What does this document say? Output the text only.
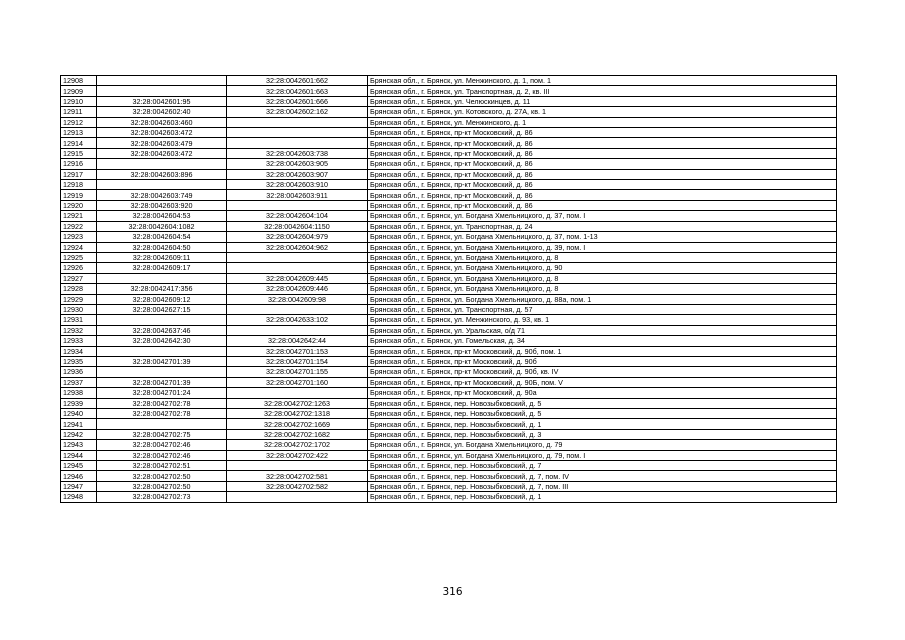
12908		32:28:0042601:662	Брянская обл., г. Брянск, ул. Менжинского, д. 1, пом. 1
12909		32:28:0042601:663	Брянская обл., г. Брянск, ул. Транспортная, д. 2, кв. III
12910	32:28:0042601:95	32:28:0042601:666	Брянская обл., г. Брянск, ул. Челюскинцев, д. 11
12911	32:28:0042602:40	32:28:0042602:162	Брянская обл., г. Брянск, ул. Котовского, д. 27А, кв. 1
12912	32:28:0042603:460		Брянская обл., г. Брянск, ул. Менжинского, д. 1
12913	32:28:0042603:472		Брянская обл., г. Брянск, пр-кт Московский, д. 86
12914	32:28:0042603:479		Брянская обл., г. Брянск, пр-кт Московский, д. 86
12915	32:28:0042603:472	32:28:0042603:738	Брянская обл., г. Брянск, пр-кт Московский, д. 86
12916		32:28:0042603:905	Брянская обл., г. Брянск, пр-кт Московский, д. 86
12917	32:28:0042603:896	32:28:0042603:907	Брянская обл., г. Брянск, пр-кт Московский, д. 86
12918		32:28:0042603:910	Брянская обл., г. Брянск, пр-кт Московский, д. 86
12919	32:28:0042603:749	32:28:0042603:911	Брянская обл., г. Брянск, пр-кт Московский, д. 86
12920	32:28:0042603:920		Брянская обл., г. Брянск, пр-кт Московский, д. 86
12921	32:28:0042604:53	32:28:0042604:104	Брянская обл., г. Брянск, ул. Богдана Хмельницкого, д. 37, пом. I
12922	32:28:0042604:1082	32:28:0042604:1150	Брянская обл., г. Брянск, ул. Транспортная, д. 24
12923	32:28:0042604:54	32:28:0042604:979	Брянская обл., г. Брянск, ул. Богдана Хмельницкого, д. 37, пом. 1-13
12924	32:28:0042604:50	32:28:0042604:962	Брянская обл., г. Брянск, ул. Богдана Хмельницкого, д. 39, пом. I
12925	32:28:0042609:11		Брянская обл., г. Брянск, ул. Богдана Хмельницкого, д. 8
12926	32:28:0042609:17		Брянская обл., г. Брянск, ул. Богдана Хмельницкого, д. 90
12927		32:28:0042609:445	Брянская обл., г. Брянск, ул. Богдана Хмельницкого, д. 8
12928	32:28:0042417:356	32:28:0042609:446	Брянская обл., г. Брянск, ул. Богдана Хмельницкого, д. 8
12929	32:28:0042609:12	32:28:0042609:98	Брянская обл., г. Брянск, ул. Богдана Хмельницкого, д. 88а, пом. 1
12930	32:28:0042627:15		Брянская обл., г. Брянск, ул. Транспортная, д. 57
12931		32:28:0042633:102	Брянская обл., г. Брянск, ул. Менжинского, д. 93, кв. 1
12932	32:28:0042637:46		Брянская обл., г. Брянск, ул. Уральская, о/д 71
12933	32:28:0042642:30	32:28:0042642:44	Брянская обл., г. Брянск, ул. Гомельская, д. 34
12934		32:28:0042701:153	Брянская обл., г. Брянск, пр-кт Московский, д. 90б, пом. 1
12935	32:28:0042701:39	32:28:0042701:154	Брянская обл., г. Брянск, пр-кт Московский, д. 90б
12936		32:28:0042701:155	Брянская обл., г. Брянск, пр-кт Московский, д. 90б, кв. IV
12937	32:28:0042701:39	32:28:0042701:160	Брянская обл., г. Брянск, пр-кт Московский, д. 90Б, пом. V
12938	32:28:0042701:24		Брянская обл., г. Брянск, пр-кт Московский, д. 90а
12939	32:28:0042702:78	32:28:0042702:1263	Брянская обл., г. Брянск, пер. Новозыбковский, д. 5
12940	32:28:0042702:78	32:28:0042702:1318	Брянская обл., г. Брянск, пер. Новозыбковский, д. 5
12941		32:28:0042702:1669	Брянская обл., г. Брянск, пер. Новозыбковский, д. 1
12942	32:28:0042702:75	32:28:0042702:1682	Брянская обл., г. Брянск, пер. Новозыбковский, д. 3
12943	32:28:0042702:46	32:28:0042702:1702	Брянская обл., г. Брянск, ул. Богдана Хмельницкого, д. 79
12944	32:28:0042702:46	32:28:0042702:422	Брянская обл., г. Брянск, ул. Богдана Хмельницкого, д. 79, пом. I
12945	32:28:0042702:51		Брянская обл., г. Брянск, пер. Новозыбковский, д. 7
12946	32:28:0042702:50	32:28:0042702:581	Брянская обл., г. Брянск, пер. Новозыбковский, д. 7, пом. IV
12947	32:28:0042702:50	32:28:0042702:582	Брянская обл., г. Брянск, пер. Новозыбковский, д. 7, пом. III
12948	32:28:0042702:73		Брянская обл., г. Брянск, пер. Новозыбковский, д. 1
316
